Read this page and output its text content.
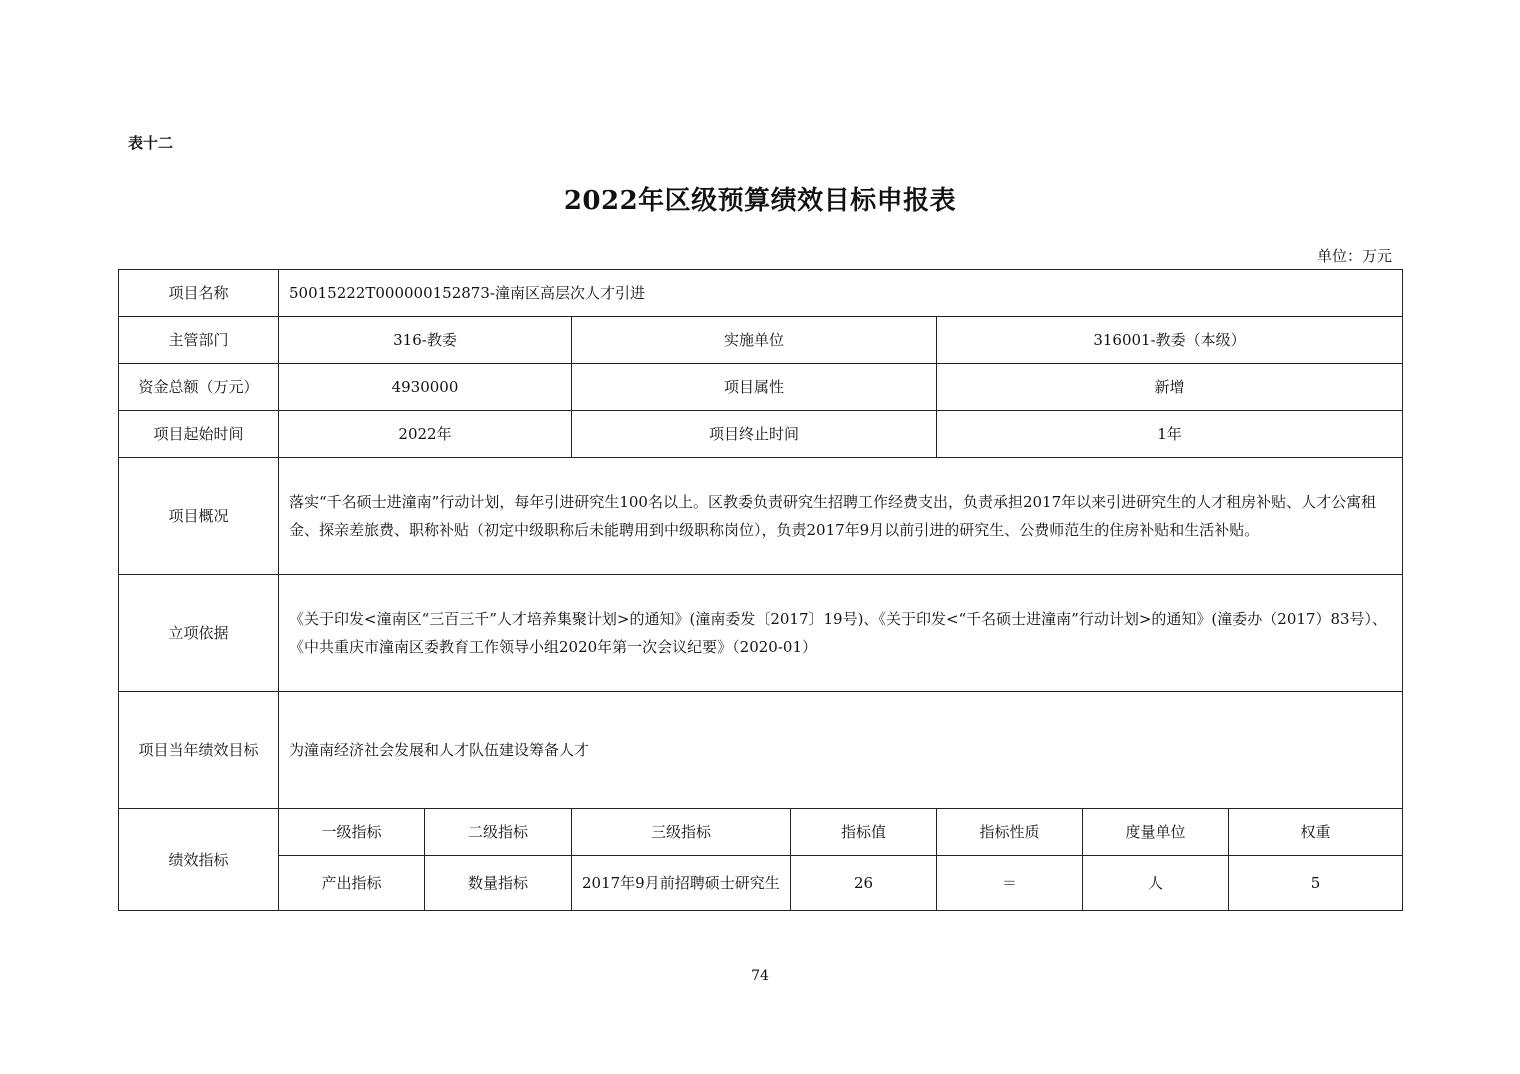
表十二
2022年区级预算绩效目标申报表
单位：万元
项目名称	50015222T000000152873-潼南区高层次人才引进						
主管部门	316-教委		实施单位		316001-教委（本级）		
资金总额（万元）	4930000		项目属性		新增		
项目起始时间	2022年		项目终止时间		1年		
项目概况	落实“千名硕士进潼南”行动计划，每年引进研究生100名以上。区教委负责研究生招聘工作经费支出，负责承担2017年以来引进研究生的人才租房补贴、人才公寓租金、探亲差旅费、职称补贴（初定中级职称后未能聘用到中级职称岗位），负责2017年9月以前引进的研究生、公费师范生的住房补贴和生活补贴。						
立项依据	《关于印发<潼南区“三百三千”人才培养集聚计划>的通知》(潼南委发〔2017〕19号)、《关于印发<“千名硕士进潼南”行动计划>的通知》(潼委办（2017）83号）、《中共重庆市潼南区委教育工作领导小组2020年第一次会议纪要》（2020-01）						
项目当年绩效目标	为潼南经济社会发展和人才队伍建设筹备人才						
绩效指标	一级指标	二级指标	三级指标	指标值	指标性质	度量单位	权重
	产出指标	数量指标	2017年9月前招聘硕士研究生	26	＝	人	5
74
